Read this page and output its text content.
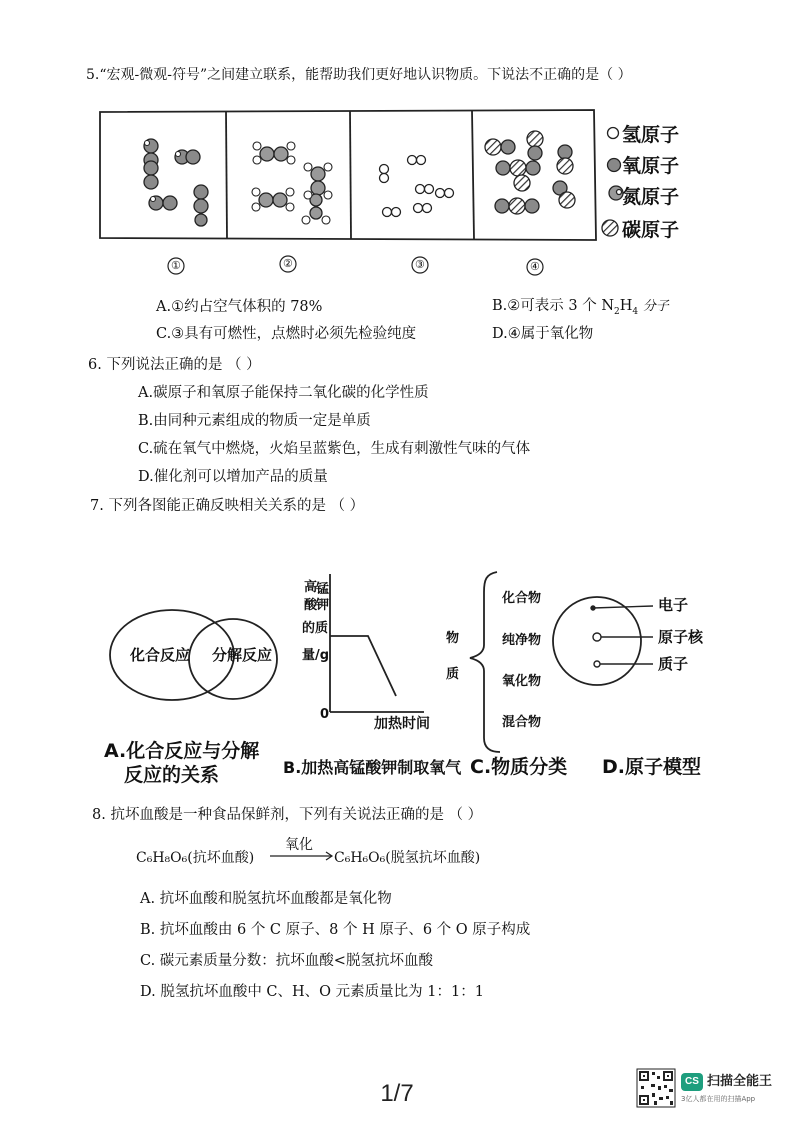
5.“宏观-微观-符号”之间建立联系，能帮助我们更好地认识物质。下说法不正确的是（ ）
氢原子
氧原子
氮原子
碳原子
①	②	③	④
A.①约占空气体积的 78%	B.②可表示 3 个 $N_2H_4$ 分子
C.③具有可燃性，点燃时必须先检验纯度	D.④属于氧化物
6. 下列说法正确的是 （ ）
A.碳原子和氧原子能保持二氧化碳的化学性质
B.由同种元素组成的物质一定是单质
C.硫在氧气中燃烧，火焰呈蓝紫色，生成有刺激性气味的气体
D.催化剂可以增加产品的质量
7. 下列各图能正确反映相关关系的是 （ ）
化合反应 分解反应
A.化合反应与分解
反应的关系
高
锰
酸
钾
的质
量/g
0
加热时间
B.加热高锰酸钾制取氧气
物
质
化合物
纯净物
氧化物
混合物
C.物质分类
电子
原子核
质子
D.原子模型
8. 抗坏血酸是一种食品保鲜剂，下列有关说法正确的是 （ ）
C₆H₈O₆(抗坏血酸)
氧化
C₆H₆O₆(脱氢抗坏血酸)
A. 抗坏血酸和脱氢抗坏血酸都是氧化物
B. 抗坏血酸由 6 个 C 原子、8 个 H 原子、6 个 O 原子构成
C. 碳元素质量分数：抗坏血酸<脱氢抗坏血酸
D. 脱氢抗坏血酸中 C、H、O 元素质量比为 1：1：1
1/7	CS 扫描全能王
3亿人都在用的扫描App
